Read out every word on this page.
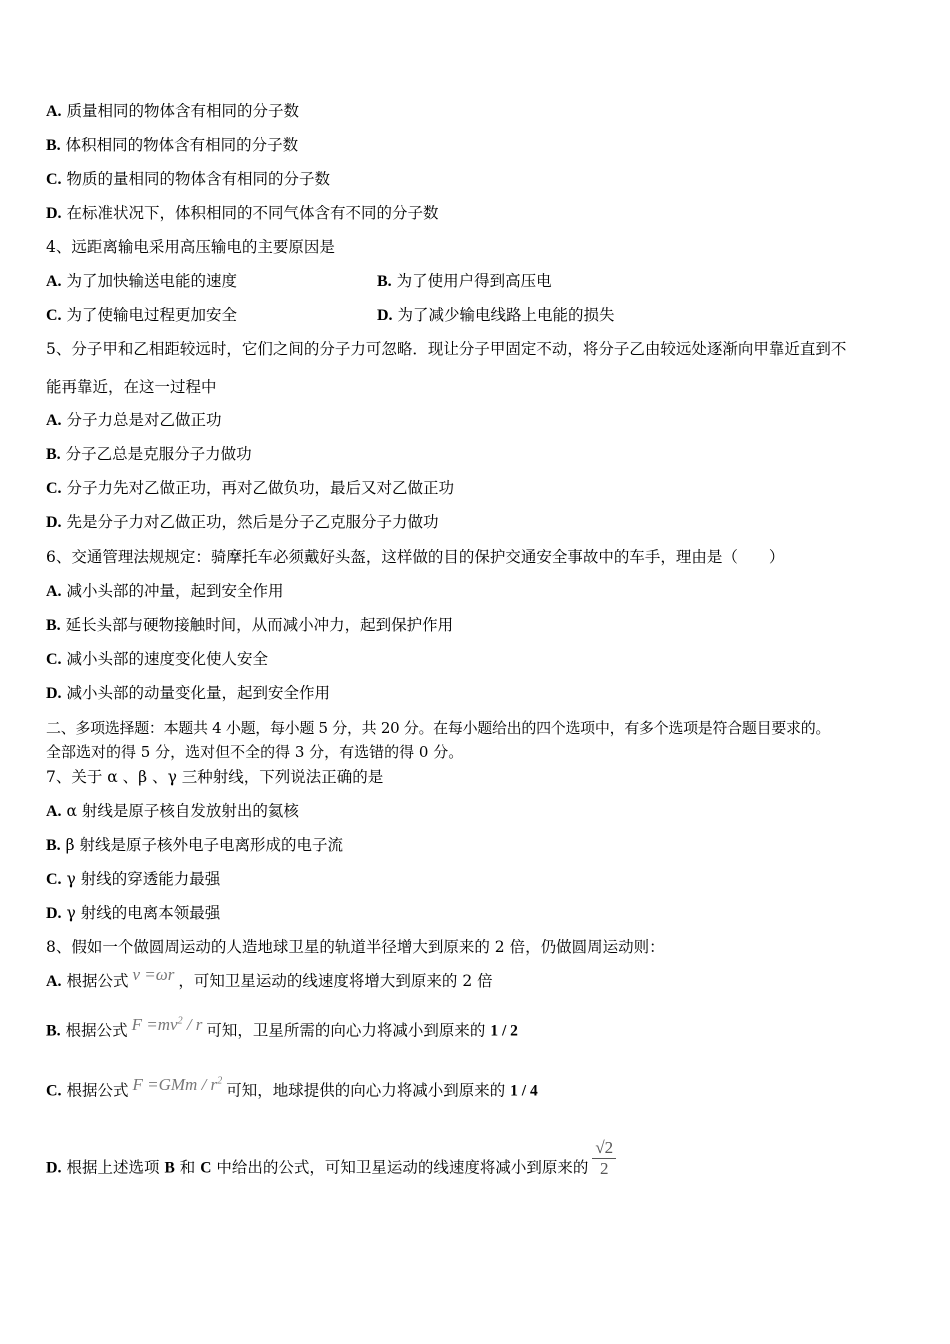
A. 质量相同的物体含有相同的分子数
B. 体积相同的物体含有相同的分子数
C. 物质的量相同的物体含有相同的分子数
D. 在标准状况下，体积相同的不同气体含有不同的分子数
4、远距离输电采用高压输电的主要原因是
A. 为了加快输送电能的速度	B. 为了使用户得到高压电
C. 为了使输电过程更加安全	D. 为了减少输电线路上电能的损失
5、分子甲和乙相距较远时，它们之间的分子力可忽略．现让分子甲固定不动，将分子乙由较远处逐渐向甲靠近直到不
能再靠近，在这一过程中
A. 分子力总是对乙做正功
B. 分子乙总是克服分子力做功
C. 分子力先对乙做正功，再对乙做负功，最后又对乙做正功
D. 先是分子力对乙做正功，然后是分子乙克服分子力做功
6、交通管理法规规定：骑摩托车必须戴好头盔，这样做的目的保护交通安全事故中的车手，理由是（　　）
A. 减小头部的冲量，起到安全作用
B. 延长头部与硬物接触时间，从而减小冲力，起到保护作用
C. 减小头部的速度变化使人安全
D. 减小头部的动量变化量，起到安全作用
二、多项选择题：本题共 4 小题，每小题 5 分，共 20 分。在每小题给出的四个选项中，有多个选项是符合题目要求的。
全部选对的得 5 分，选对但不全的得 3 分，有选错的得 0 分。
7、关于 α 、β 、γ 三种射线，下列说法正确的是
A. α 射线是原子核自发放射出的氦核
B. β 射线是原子核外电子电离形成的电子流
C. γ 射线的穿透能力最强
D. γ 射线的电离本领最强
8、假如一个做圆周运动的人造地球卫星的轨道半径增大到原来的 2 倍，仍做圆周运动则：
A. 根据公式 v =ωr ，可知卫星运动的线速度将增大到原来的 2 倍
B. 根据公式 $F =mv^2 / r$ 可知，卫星所需的向心力将减小到原来的 1 / 2
C. 根据公式 $F =GMm / r^2$可知，地球提供的向心力将减小到原来的 1 / 4
D. 根据上述选项 B 和 C 中给出的公式，可知卫星运动的线速度将减小到原来的 $\frac{√2}{2}$
